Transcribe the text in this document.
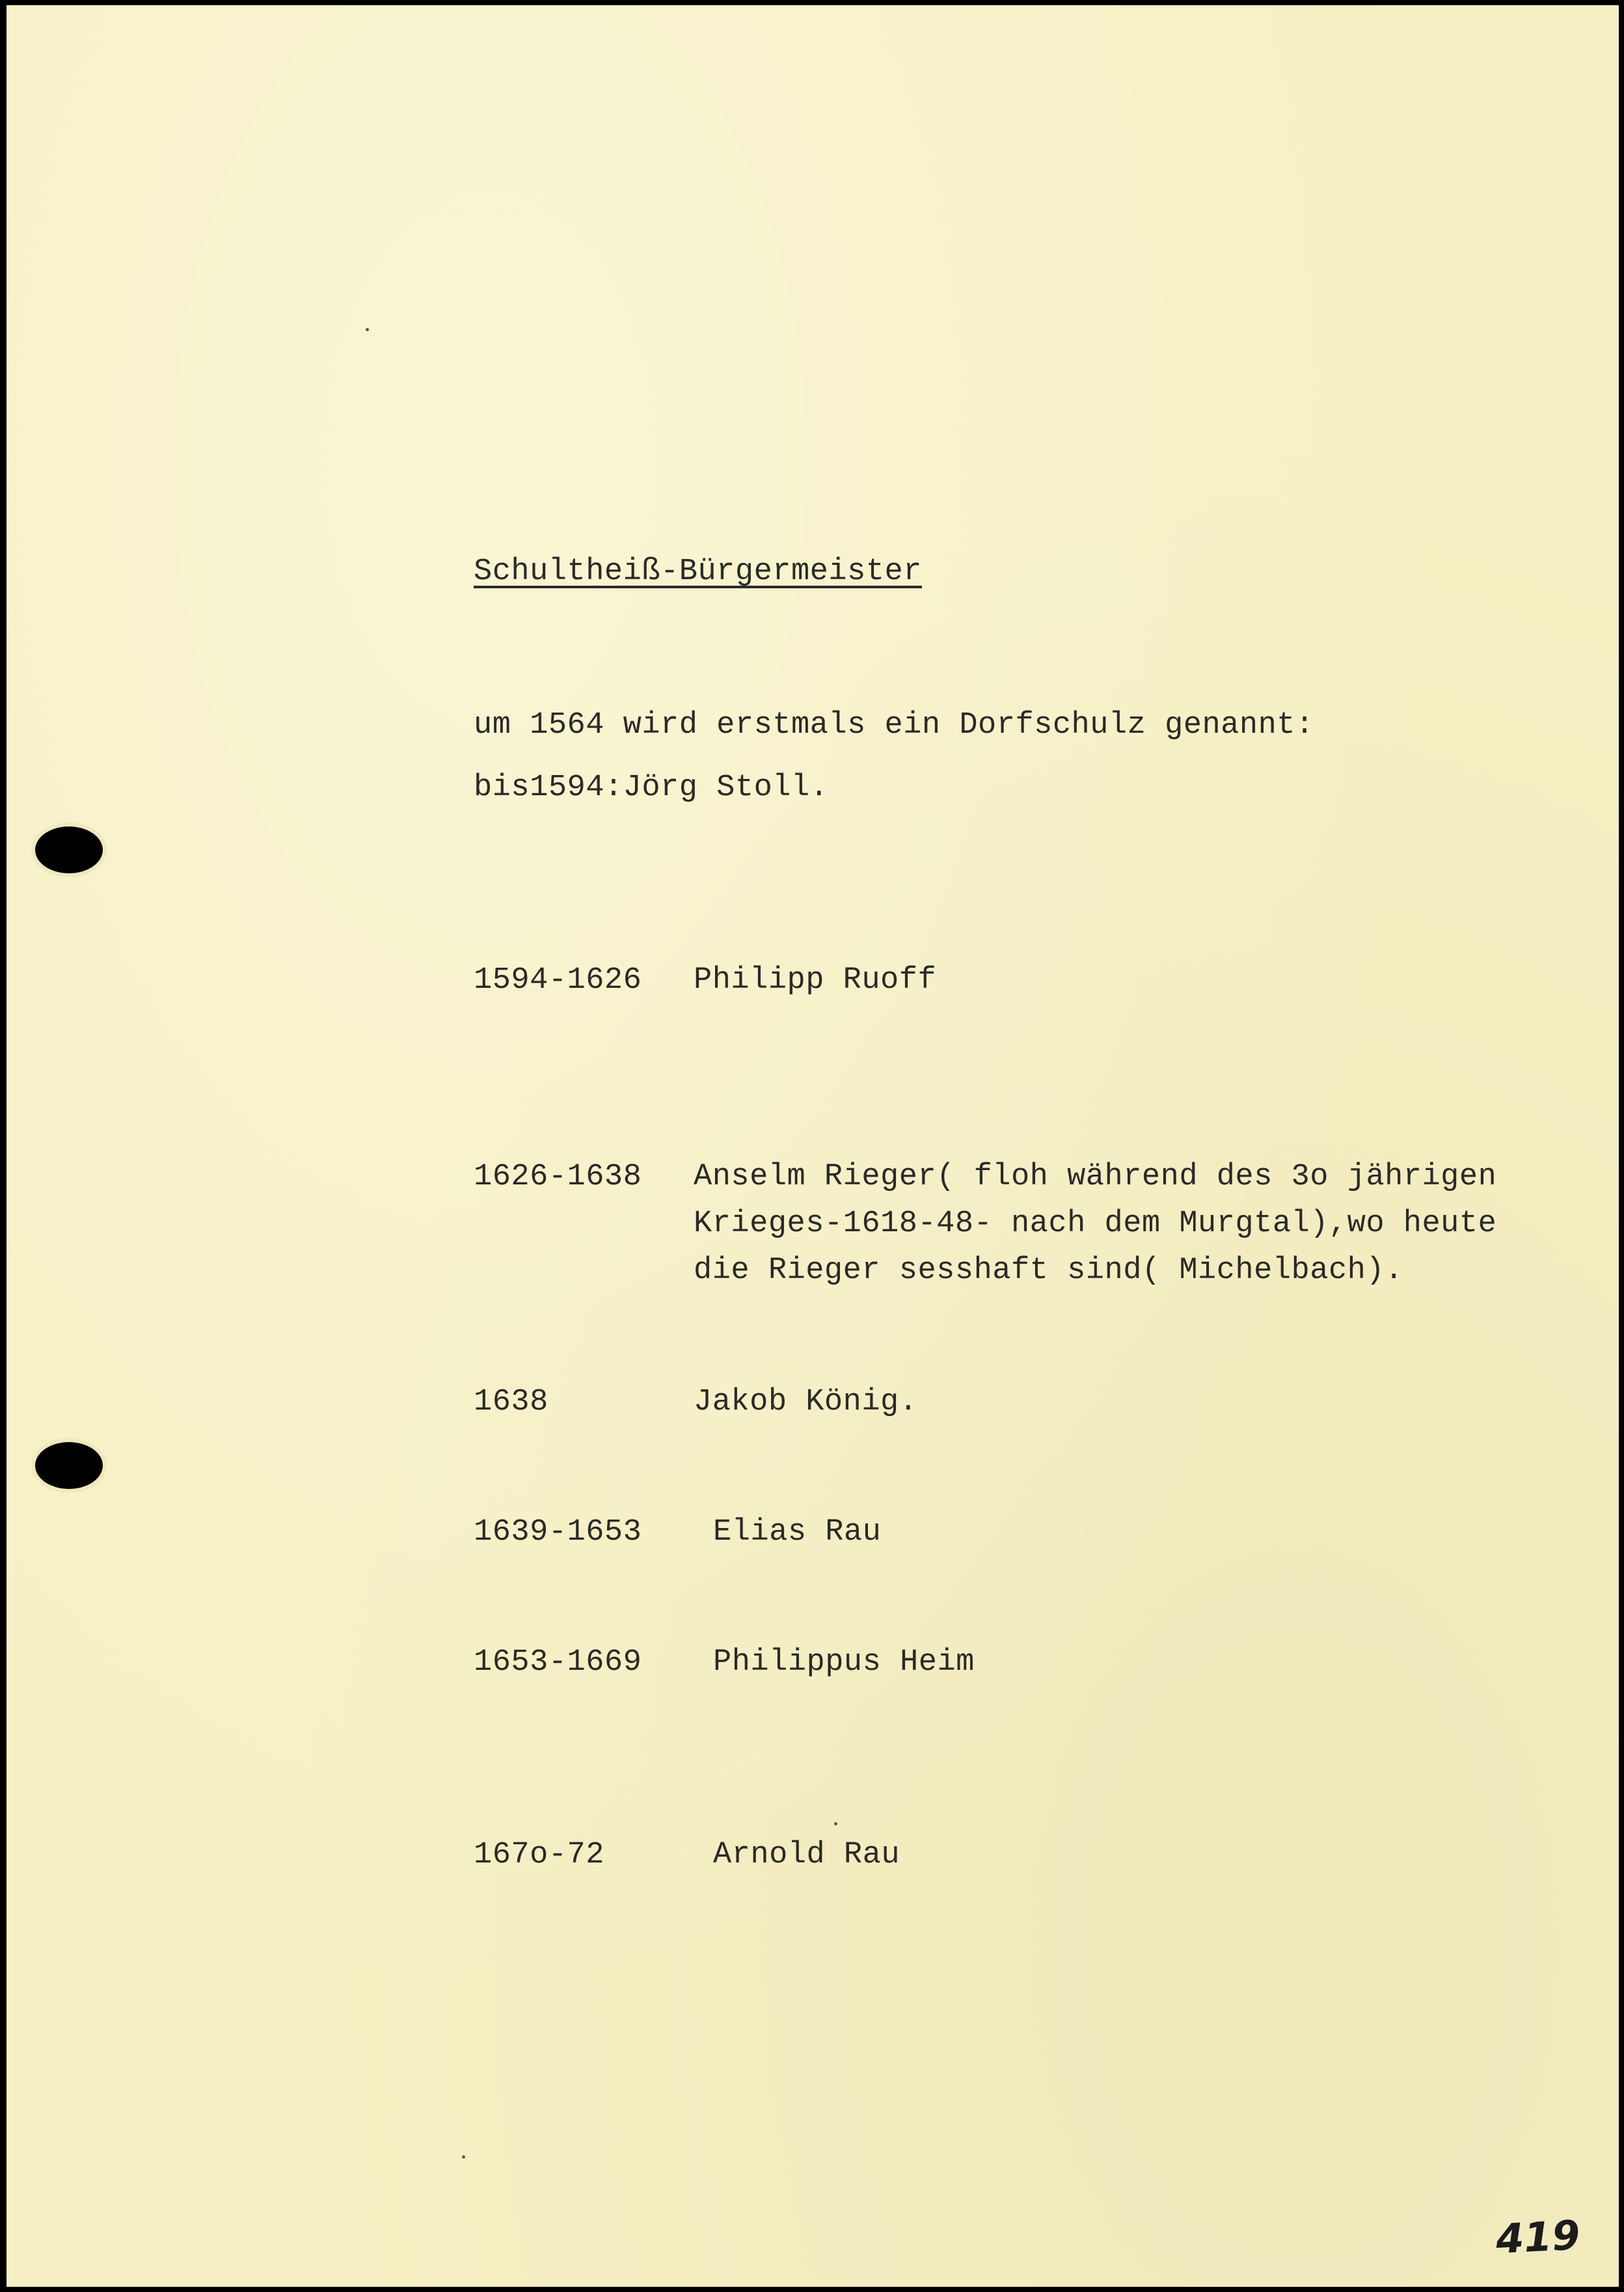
Schultheiß-Bürgermeister
um 1564 wird erstmals ein Dorfschulz genannt:
bis1594:Jörg Stoll.
1594-1626 Philipp Ruoff
1626-1638 Anselm Rieger( floh während des 3o jährigen
Krieges-1618-48- nach dem Murgtal),wo heute
die Rieger sesshaft sind( Michelbach).
1638	Jakob König.
1639-1653 Elias Rau
1653-1669 Philippus Heim
167o-72	Arnold Rau
419
